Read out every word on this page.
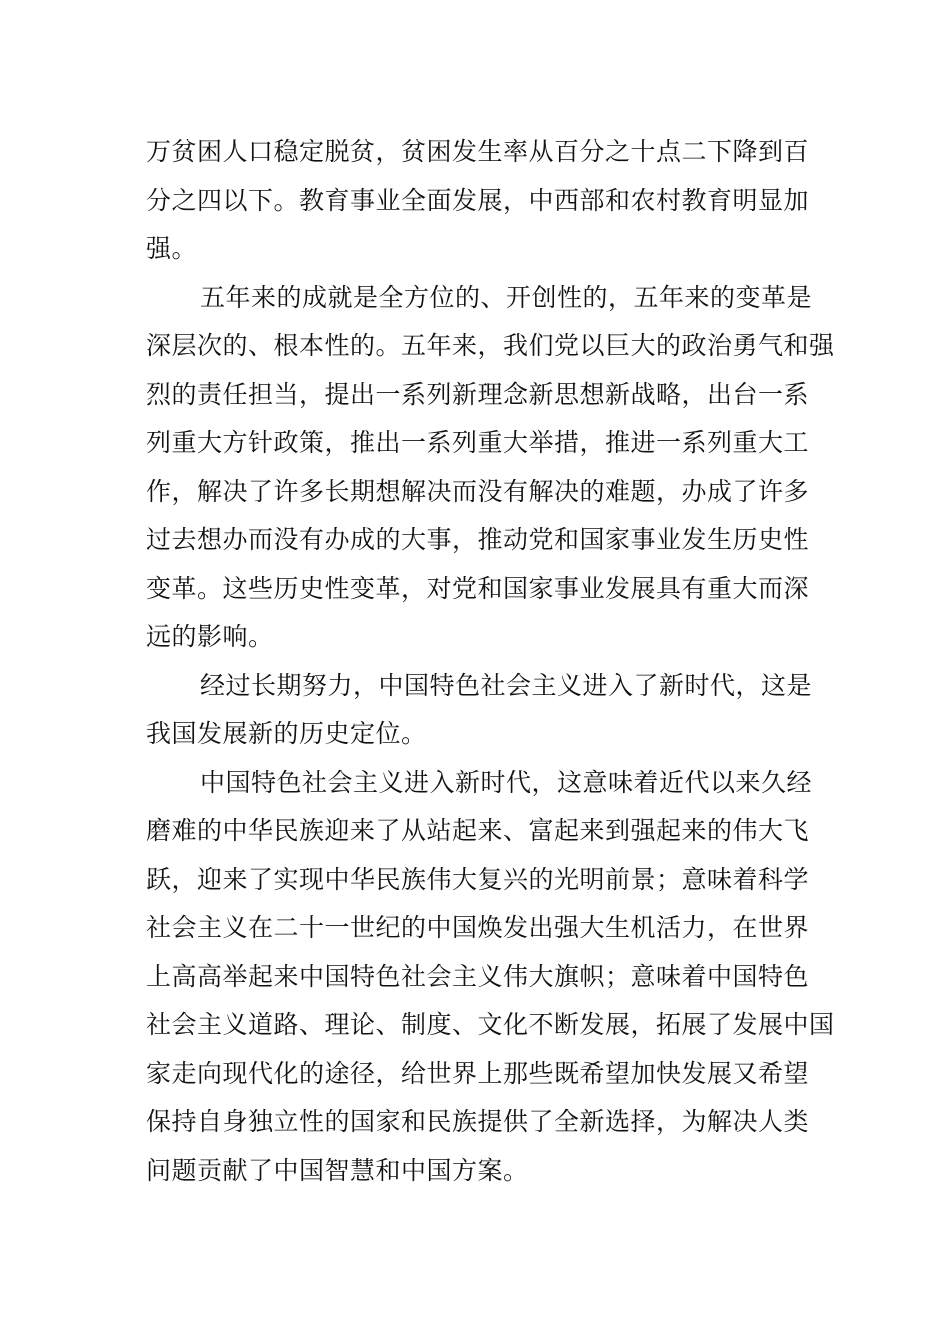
万贫困人口稳定脱贫，贫困发生率从百分之十点二下降到百
分之四以下。教育事业全面发展，中西部和农村教育明显加
强。
五年来的成就是全方位的、开创性的，五年来的变革是
深层次的、根本性的。五年来，我们党以巨大的政治勇气和强
烈的责任担当，提出一系列新理念新思想新战略，出台一系
列重大方针政策，推出一系列重大举措，推进一系列重大工
作，解决了许多长期想解决而没有解决的难题，办成了许多
过去想办而没有办成的大事，推动党和国家事业发生历史性
变革。这些历史性变革，对党和国家事业发展具有重大而深
远的影响。
经过长期努力，中国特色社会主义进入了新时代，这是
我国发展新的历史定位。
中国特色社会主义进入新时代，这意味着近代以来久经
磨难的中华民族迎来了从站起来、富起来到强起来的伟大飞
跃，迎来了实现中华民族伟大复兴的光明前景；意味着科学
社会主义在二十一世纪的中国焕发出强大生机活力，在世界
上高高举起来中国特色社会主义伟大旗帜；意味着中国特色
社会主义道路、理论、制度、文化不断发展，拓展了发展中国
家走向现代化的途径，给世界上那些既希望加快发展又希望
保持自身独立性的国家和民族提供了全新选择，为解决人类
问题贡献了中国智慧和中国方案。
